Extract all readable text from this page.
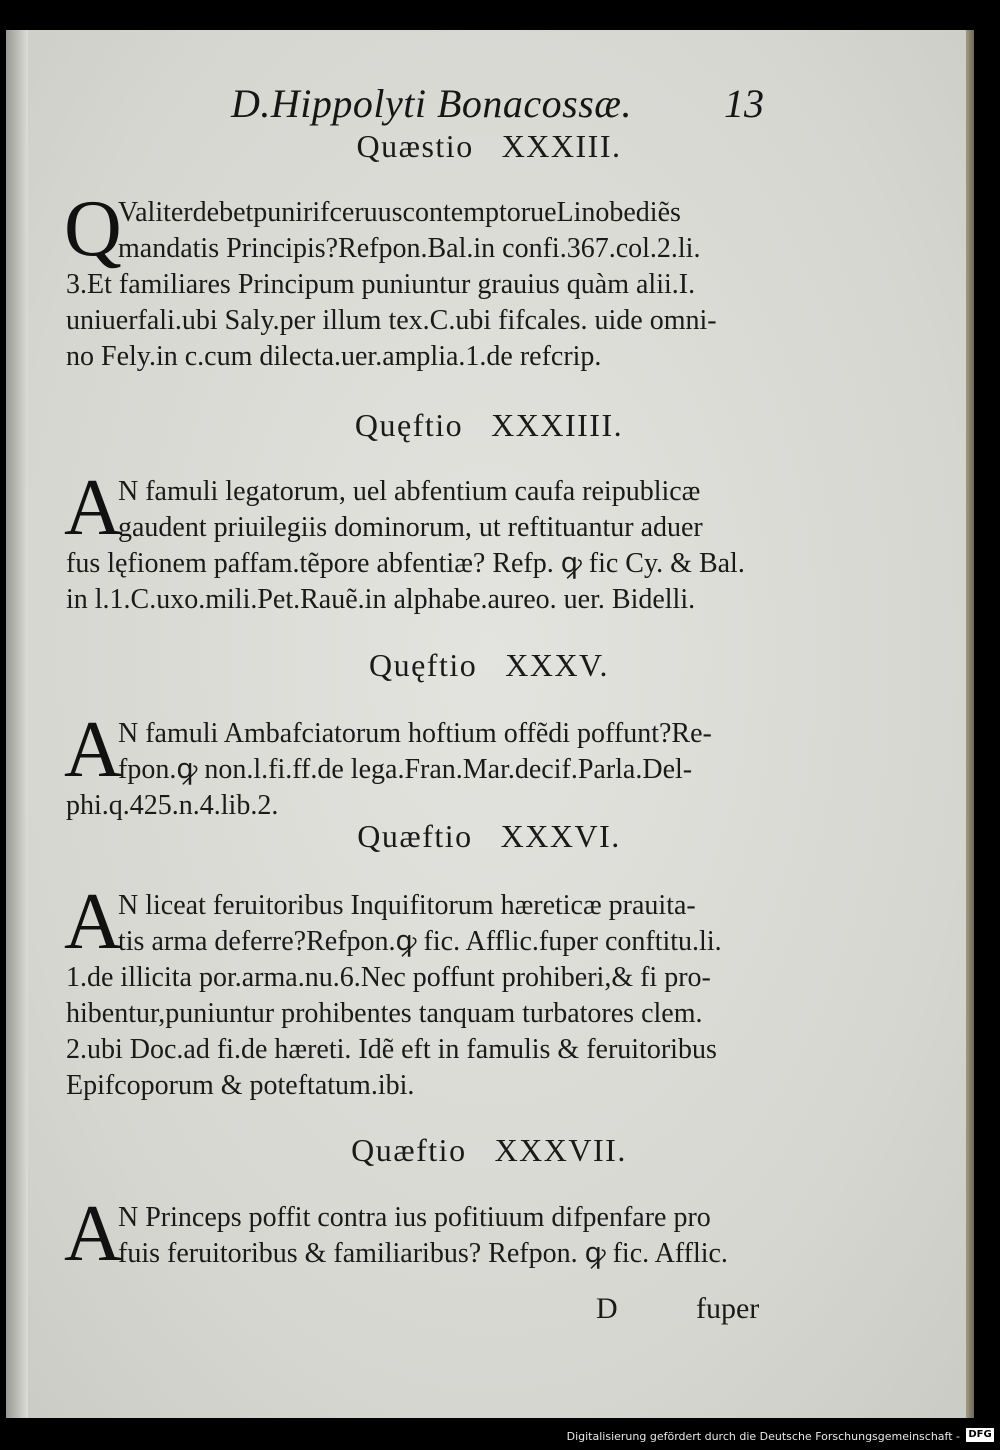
D.Hippolyti Bonacossæ. 13
Quæstio XXXIII.
Q
ValiterdebetpunirifceruuscontemptorueLinobediẽs
mandatis Principis?Refpon.Bal.in confi.367.col.2.li.
3.Et familiares Principum puniuntur grauius quàm alii.I.
uniuerfali.ubi Saly.per illum tex.C.ubi fifcales. uide omni-
no Fely.in c.cum dilecta.uer.amplia.1.de refcrip.
Quęftio XXXIIII.
A
N famuli legatorum, uel abfentium caufa reipublicæ
gaudent priuilegiis dominorum, ut reftituantur aduer
fus lęfionem paffam.tẽpore abfentiæ? Refp. ꝙ fic Cy. & Bal.
in l.1.C.uxo.mili.Pet.Rauẽ.in alphabe.aureo. uer. Bidelli.
Quęftio XXXV.
A
N famuli Ambafciatorum hoftium offẽdi poffunt?Re-
fpon.ꝙ non.l.fi.ff.de lega.Fran.Mar.decif.Parla.Del-
phi.q.425.n.4.lib.2.
Quæftio XXXVI.
A
N liceat feruitoribus Inquifitorum hæreticæ prauita-
tis arma deferre?Refpon.ꝙ fic. Afflic.fuper conftitu.li.
1.de illicita por.arma.nu.6.Nec poffunt prohiberi,& fi pro-
hibentur,puniuntur prohibentes tanquam turbatores clem.
2.ubi Doc.ad fi.de hæreti. Idẽ eft in famulis & feruitoribus
Epifcoporum & poteftatum.ibi.
Quæftio XXXVII.
A
N Princeps poffit contra ius pofitiuum difpenfare pro
fuis feruitoribus & familiaribus? Refpon. ꝙ fic. Afflic.
D	fuper
Digitalisierung gefördert durch die Deutsche Forschungsgemeinschaft - DFG
